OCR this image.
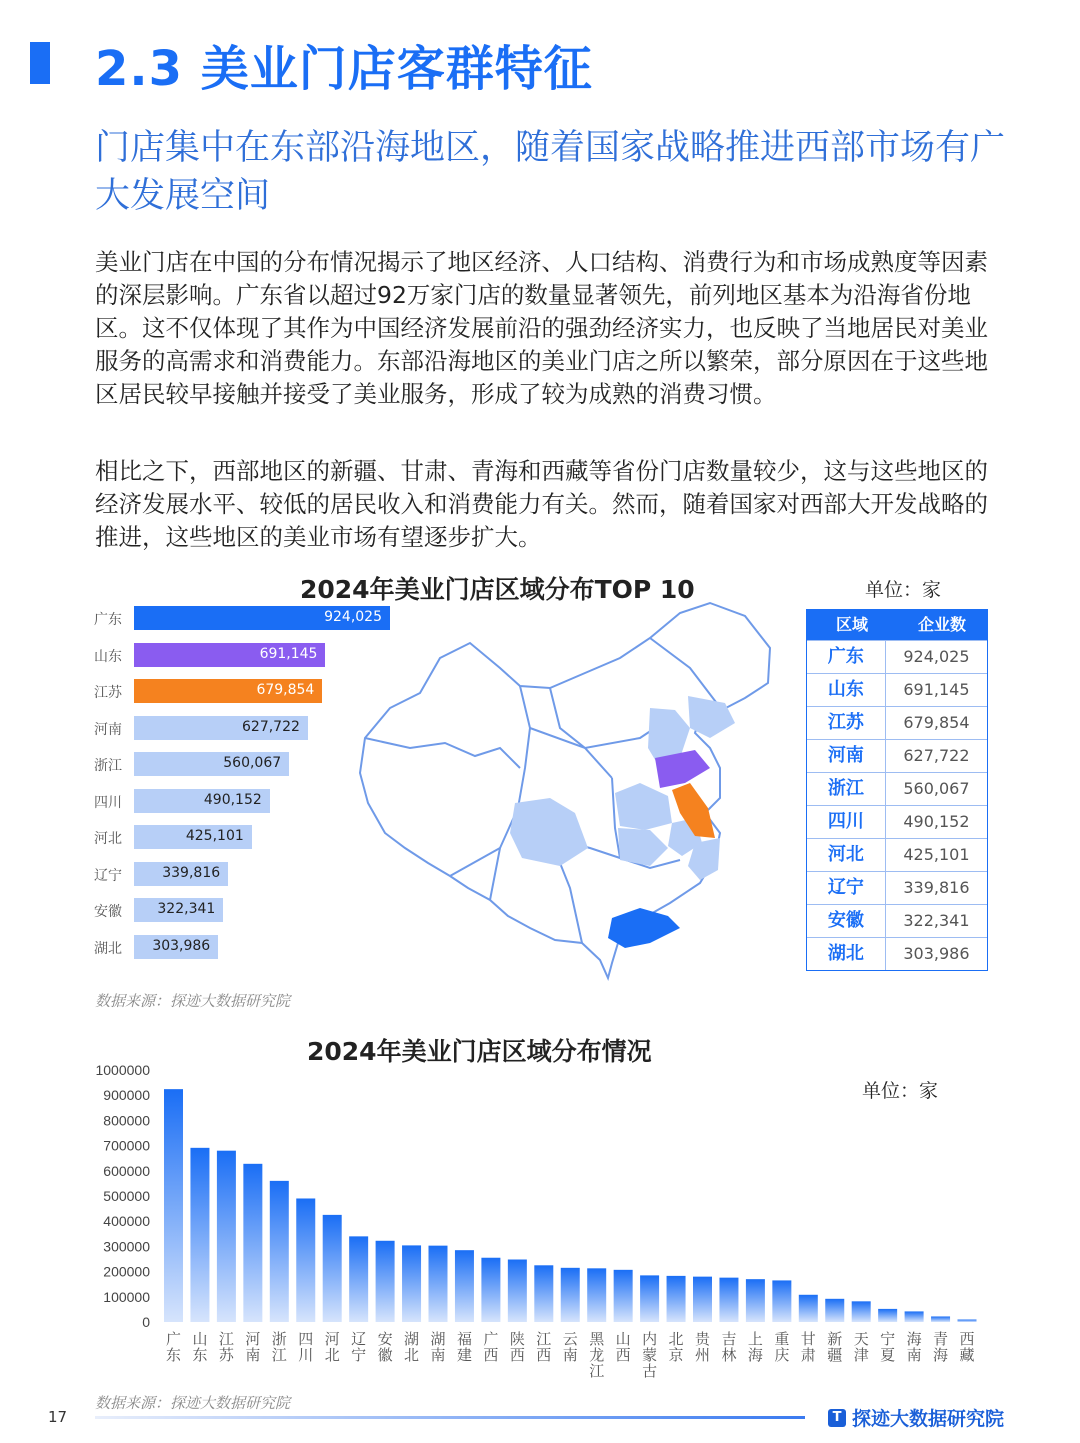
2.3 美业门店客群特征
门店集中在东部沿海地区，随着国家战略推进西部市场有广大发展空间

美业门店在中国的分布情况揭示了地区经济、人口结构、消费行为和市场成熟度等因素的深层影响。广东省以超过92万家门店的数量显著领先，前列地区基本为沿海省份地区。这不仅体现了其作为中国经济发展前沿的强劲经济实力，也反映了当地居民对美业服务的高需求和消费能力。东部沿海地区的美业门店之所以繁荣，部分原因在于这些地区居民较早接触并接受了美业服务，形成了较为成熟的消费习惯。

相比之下，西部地区的新疆、甘肃、青海和西藏等省份门店数量较少，这与这些地区的经济发展水平、较低的居民收入和消费能力有关。然而，随着国家对西部大开发战略的推进，这些地区的美业市场有望逐步扩大。

2024年美业门店区域分布TOP 10	单位：家
广东	924,025
山东	691,145
江苏	679,854
河南	627,722
浙江	560,067
四川	490,152
河北	425,101
辽宁	339,816
安徽	322,341
湖北 303,986
区域	企业数
广东	924,025
山东	691,145
江苏	679,854
河南	627,722
浙江	560,067
四川	490,152
河北	425,101
辽宁	339,816
安徽	322,341
湖北	303,986
数据来源：探迹大数据研究院
2024年美业门店区域分布情况
单位：家
0
100000
200000
300000
400000
500000
600000
700000
800000
900000
1000000
广
东
山
东
江
苏
河
南
浙
江
四
川
河
北
辽
宁
安
徽
湖
北
湖
南
福
建
广
西
陕
西
江
西
云
南
黑
龙
江
山
西
内
蒙
古
北
京
贵
州
吉
林
上
海
重
庆
甘
肃
新
疆
天
津
宁
夏
海
南
青
海
西
藏
数据来源：探迹大数据研究院
17	T 探迹大数据研究院
